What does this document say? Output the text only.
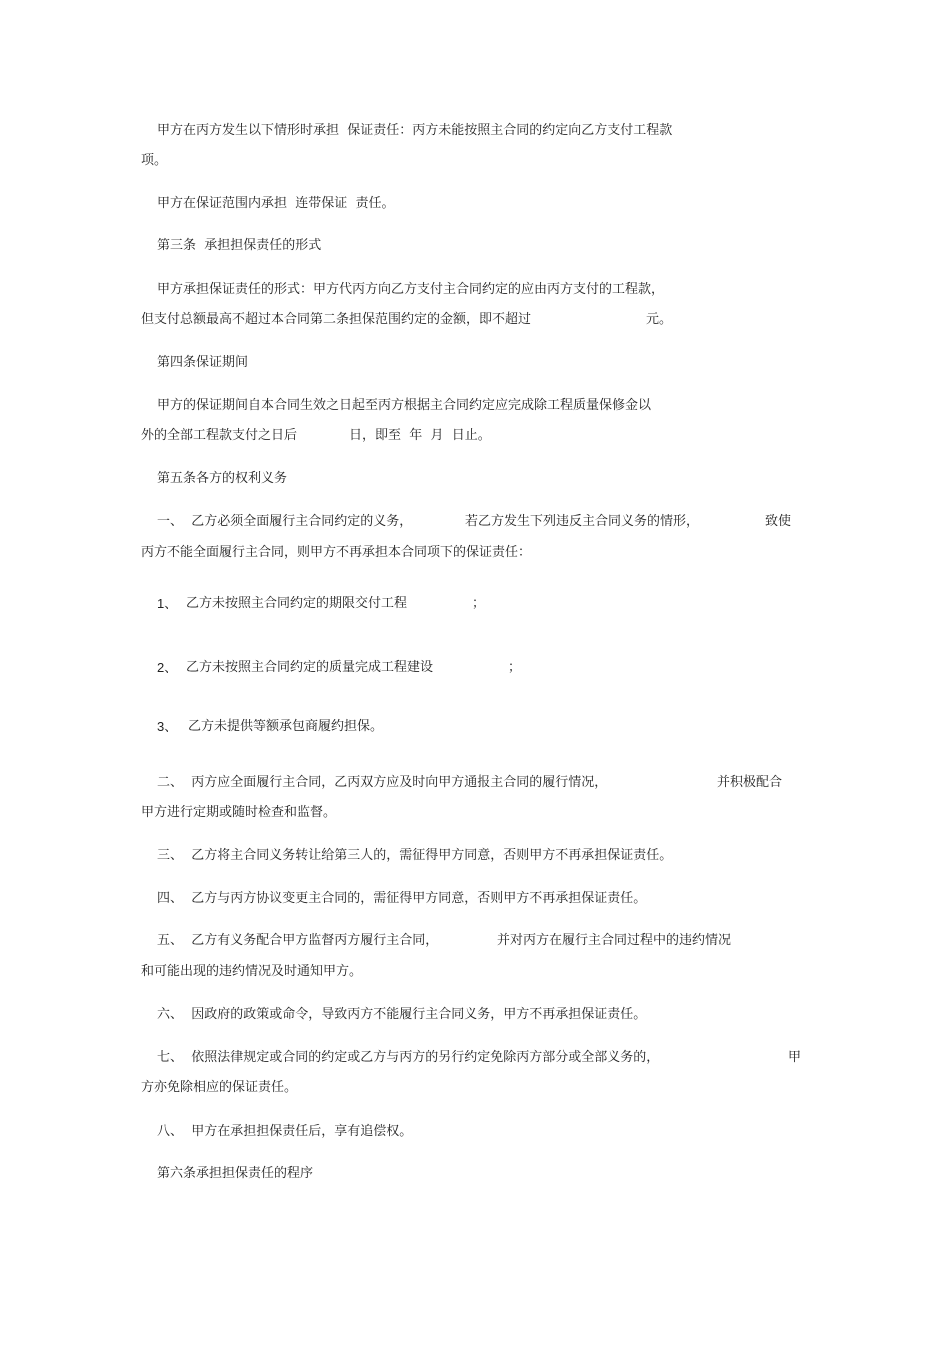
甲方在丙方发生以下情形时承担  保证责任：丙方未能按照主合同的约定向乙方支付工程款
项。
甲方在保证范围内承担  连带保证  责任。
第三条  承担担保责任的形式
甲方承担保证责任的形式：甲方代丙方向乙方支付主合同约定的应由丙方支付的工程款，
但支付总额最高不超过本合同第二条担保范围约定的金额，即不超过	元。
第四条保证期间
甲方的保证期间自本合同生效之日起至丙方根据主合同约定应完成除工程质量保修金以
外的全部工程款支付之日后	日，即至  年  月  日止。
第五条各方的权利义务
一、  乙方必须全面履行主合同约定的义务，	若乙方发生下列违反主合同义务的情形，	致使
丙方不能全面履行主合同，则甲方不再承担本合同项下的保证责任：
1、 乙方未按照主合同约定的期限交付工程	；
2、 乙方未按照主合同约定的质量完成工程建设	；
3、 乙方未提供等额承包商履约担保。
二、  丙方应全面履行主合同，乙丙双方应及时向甲方通报主合同的履行情况，	并积极配合
甲方进行定期或随时检查和监督。
三、  乙方将主合同义务转让给第三人的，需征得甲方同意，否则甲方不再承担保证责任。
四、  乙方与丙方协议变更主合同的，需征得甲方同意，否则甲方不再承担保证责任。
五、  乙方有义务配合甲方监督丙方履行主合同，	并对丙方在履行主合同过程中的违约情况
和可能出现的违约情况及时通知甲方。
六、  因政府的政策或命令，导致丙方不能履行主合同义务，甲方不再承担保证责任。
七、  依照法律规定或合同的约定或乙方与丙方的另行约定免除丙方部分或全部义务的，	甲
方亦免除相应的保证责任。
八、  甲方在承担担保责任后，享有追偿权。
第六条承担担保责任的程序
